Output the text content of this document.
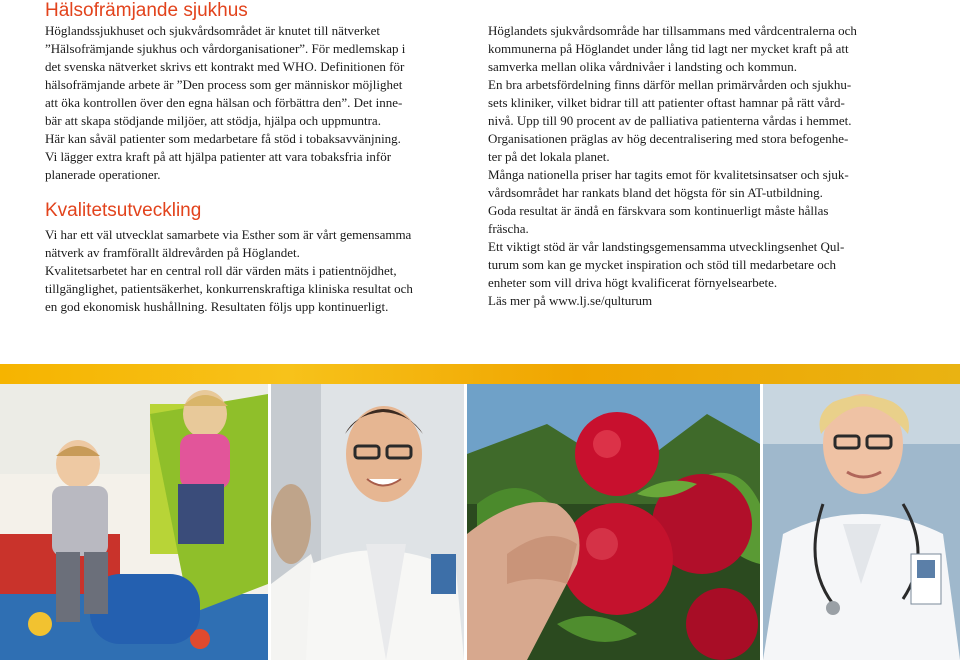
Hälsofrämjande sjukhus

Höglandssjukhuset och sjukvårdsområdet är knutet till nätverket
”Hälsofrämjande sjukhus och vårdorganisationer”. För medlemskap i
det svenska nätverket skrivs ett kontrakt med WHO. Definitionen för
hälsofrämjande arbete är ”Den process som ger människor möjlighet
att öka kontrollen över den egna hälsan och förbättra den”. Det inne-
bär att skapa stödjande miljöer, att stödja, hjälpa och uppmuntra.
Här kan såväl patienter som medarbetare få stöd i tobaksavvänjning.
Vi lägger extra kraft på att hjälpa patienter att vara tobaksfria inför
planerade operationer.

Kvalitetsutveckling

Vi har ett väl utvecklat samarbete via Esther som är vårt gemensamma
nätverk av framförallt äldrevården på Höglandet.
Kvalitetsarbetet har en central roll där värden mäts i patientnöjdhet,
tillgänglighet, patientsäkerhet, konkurrenskraftiga kliniska resultat och
en god ekonomisk hushållning. Resultaten följs upp kontinuerligt.

Höglandets sjukvårdsområde har tillsammans med vårdcentralerna och
kommunerna på Höglandet under lång tid lagt ner mycket kraft på att
samverka mellan olika vårdnivåer i landsting och kommun.
En bra arbetsfördelning finns därför mellan primärvården och sjukhu-
sets kliniker, vilket bidrar till att patienter oftast hamnar på rätt vård-
nivå. Upp till 90 procent av de palliativa patienterna vårdas i hemmet.
Organisationen präglas av hög decentralisering med stora befogenhe-
ter på det lokala planet.
Många nationella priser har tagits emot för kvalitetsinsatser och sjuk-
vårdsområdet har rankats bland det högsta för sin AT-utbildning.
Goda resultat är ändå en färskvara som kontinuerligt måste hållas
fräscha.
Ett viktigt stöd är vår landstingsgemensamma utvecklingsenhet Qul-
turum som kan ge mycket inspiration och stöd till medarbetare och
enheter som vill driva högt kvalificerat förnyelsearbete.
Läs mer på www.lj.se/qulturum
